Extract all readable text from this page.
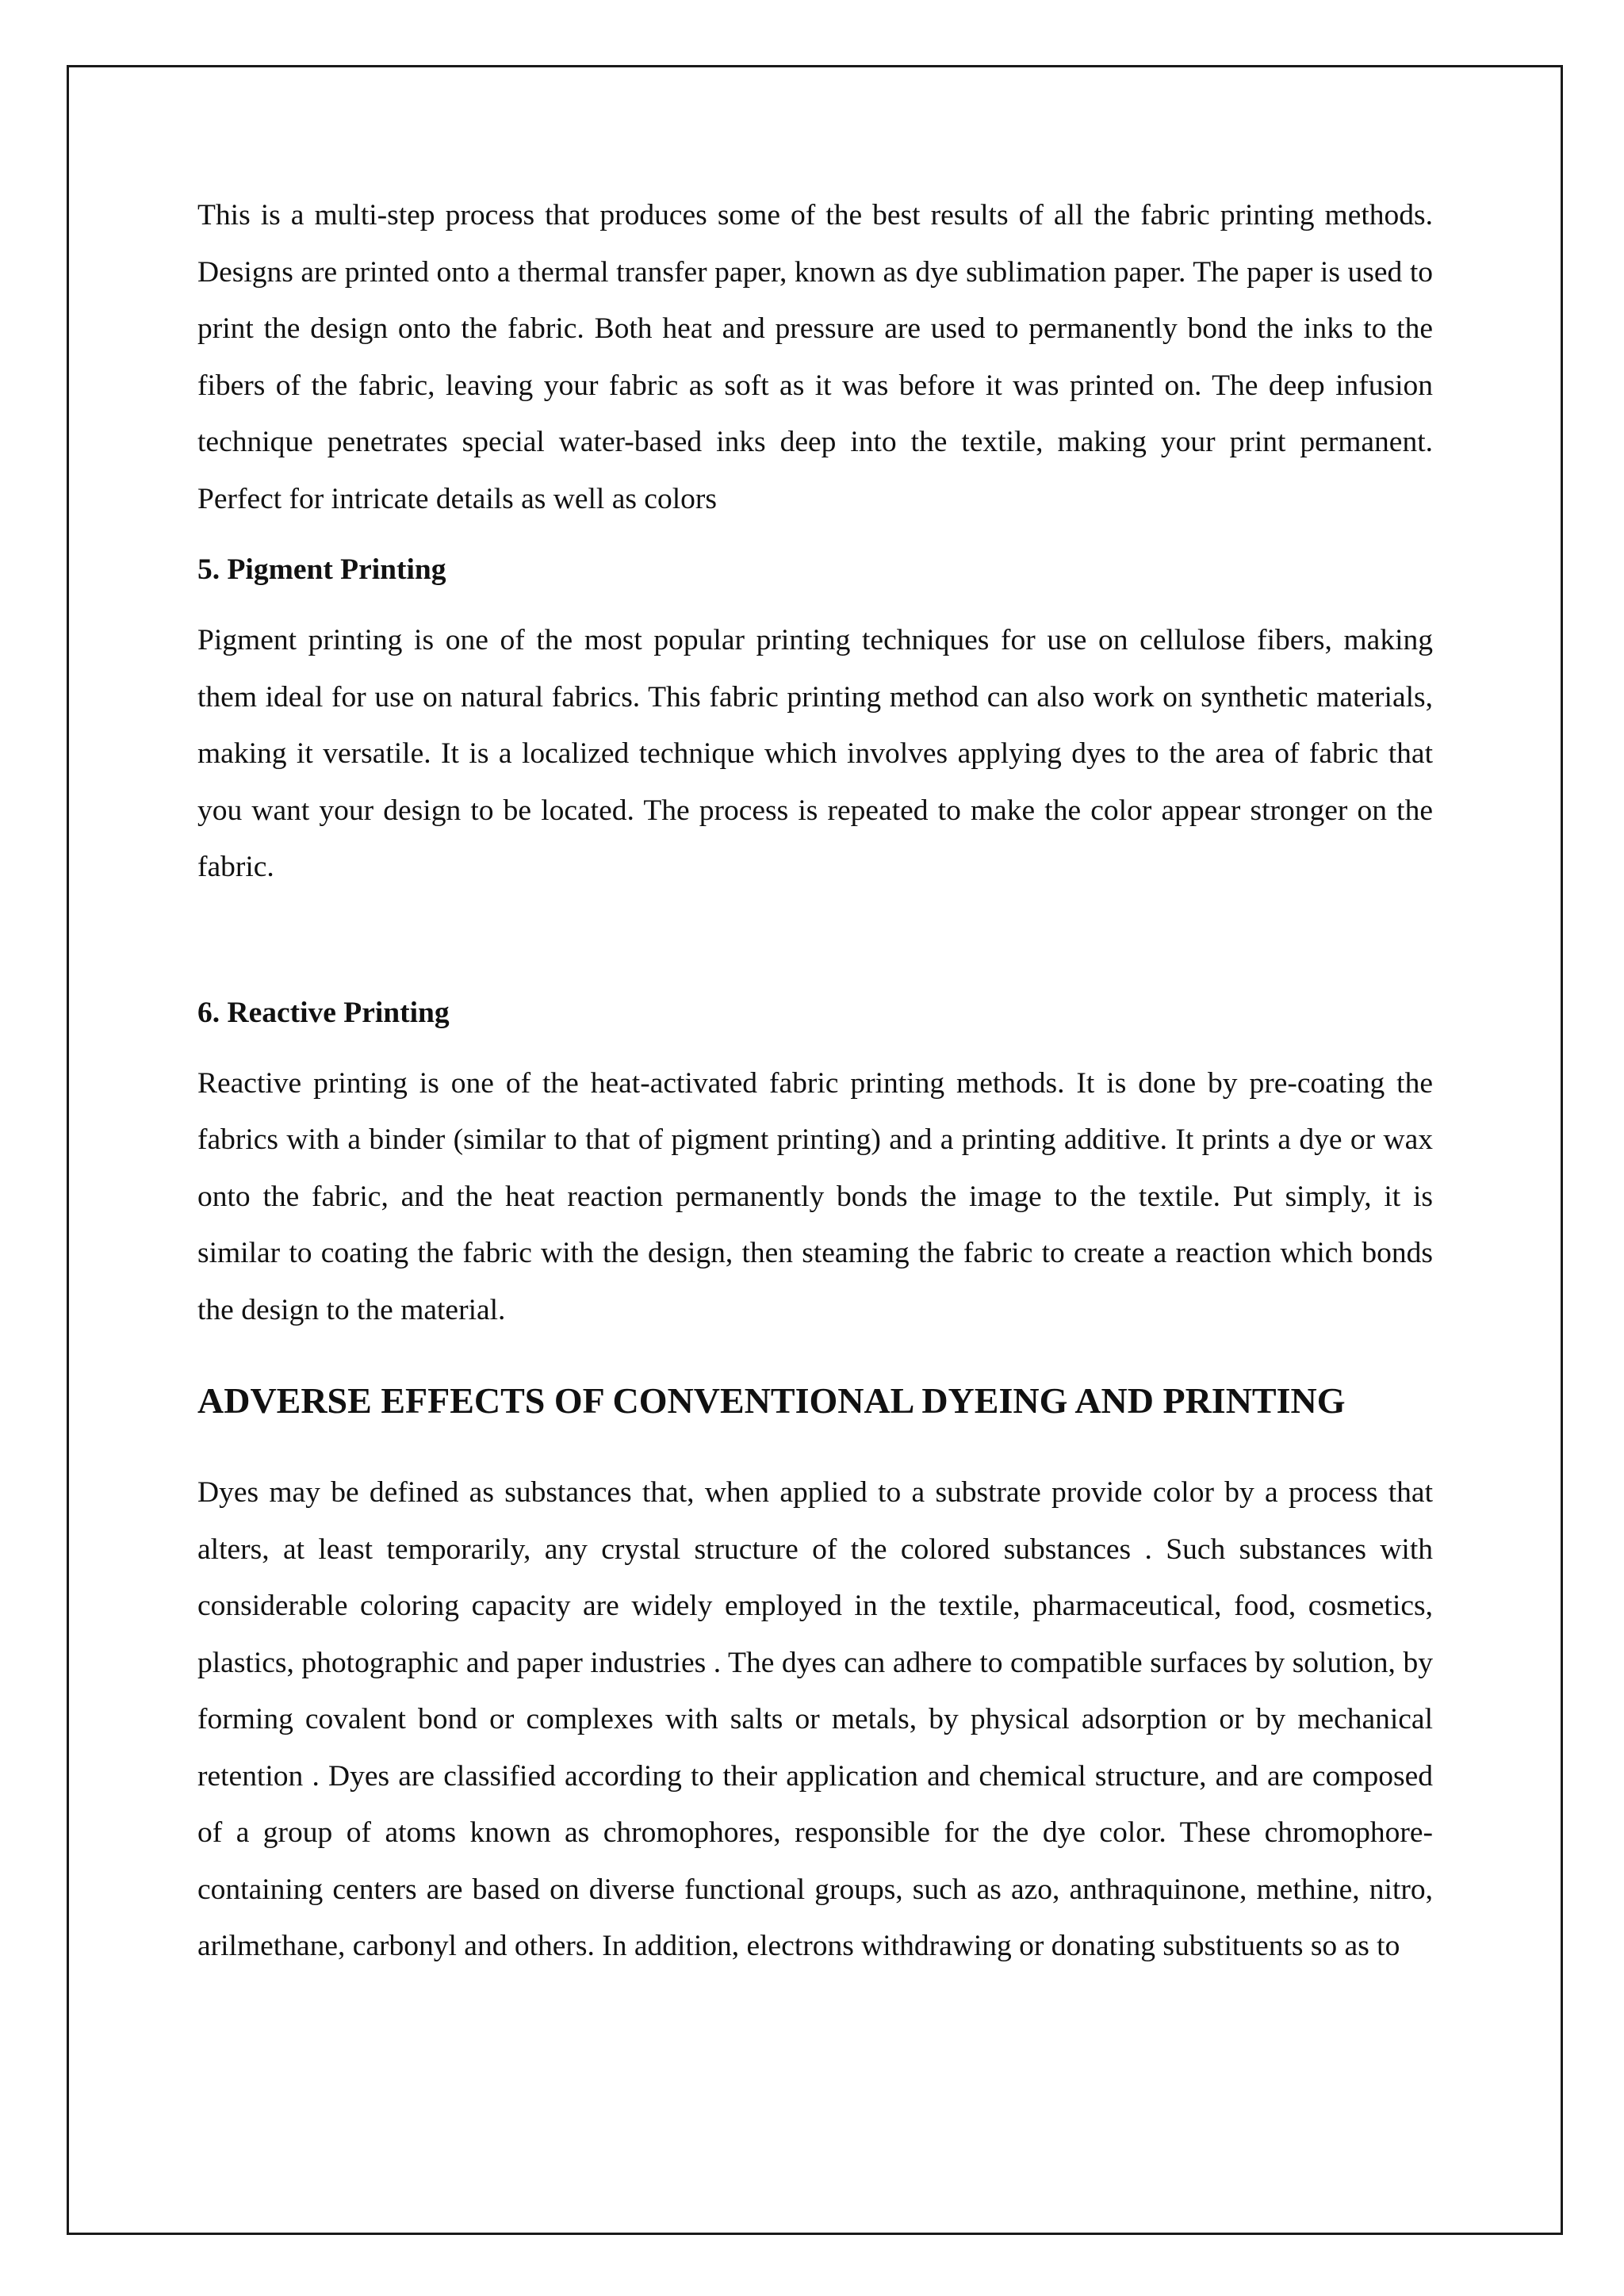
This is a multi-step process that produces some of the best results of all the fabric printing methods. Designs are printed onto a thermal transfer paper, known as dye sublimation paper. The paper is used to print the design onto the fabric. Both heat and pressure are used to permanently bond the inks to the fibers of the fabric, leaving your fabric as soft as it was before it was printed on. The deep infusion technique penetrates special water-based inks deep into the textile, making your print permanent. Perfect for intricate details as well as colors

5. Pigment Printing

Pigment printing is one of the most popular printing techniques for use on cellulose fibers, making them ideal for use on natural fabrics. This fabric printing method can also work on synthetic materials, making it versatile. It is a localized technique which involves applying dyes to the area of fabric that you want your design to be located. The process is repeated to make the color appear stronger on the fabric.

6. Reactive Printing

Reactive printing is one of the heat-activated fabric printing methods. It is done by pre-coating the fabrics with a binder (similar to that of pigment printing) and a printing additive. It prints a dye or wax onto the fabric, and the heat reaction permanently bonds the image to the textile. Put simply, it is similar to coating the fabric with the design, then steaming the fabric to create a reaction which bonds the design to the material.

ADVERSE EFFECTS OF CONVENTIONAL DYEING AND PRINTING

Dyes may be defined as substances that, when applied to a substrate provide color by a process that alters, at least temporarily, any crystal structure of the colored substances . Such substances with considerable coloring capacity are widely employed in the textile, pharmaceutical, food, cosmetics, plastics, photographic and paper industries . The dyes can adhere to compatible surfaces by solution, by forming covalent bond or complexes with salts or metals, by physical adsorption or by mechanical retention . Dyes are classified according to their application and chemical structure, and are composed of a group of atoms known as chromophores, responsible for the dye color. These chromophore-containing centers are based on diverse functional groups, such as azo, anthraquinone, methine, nitro, arilmethane, carbonyl and others. In addition, electrons withdrawing or donating substituents so as to
